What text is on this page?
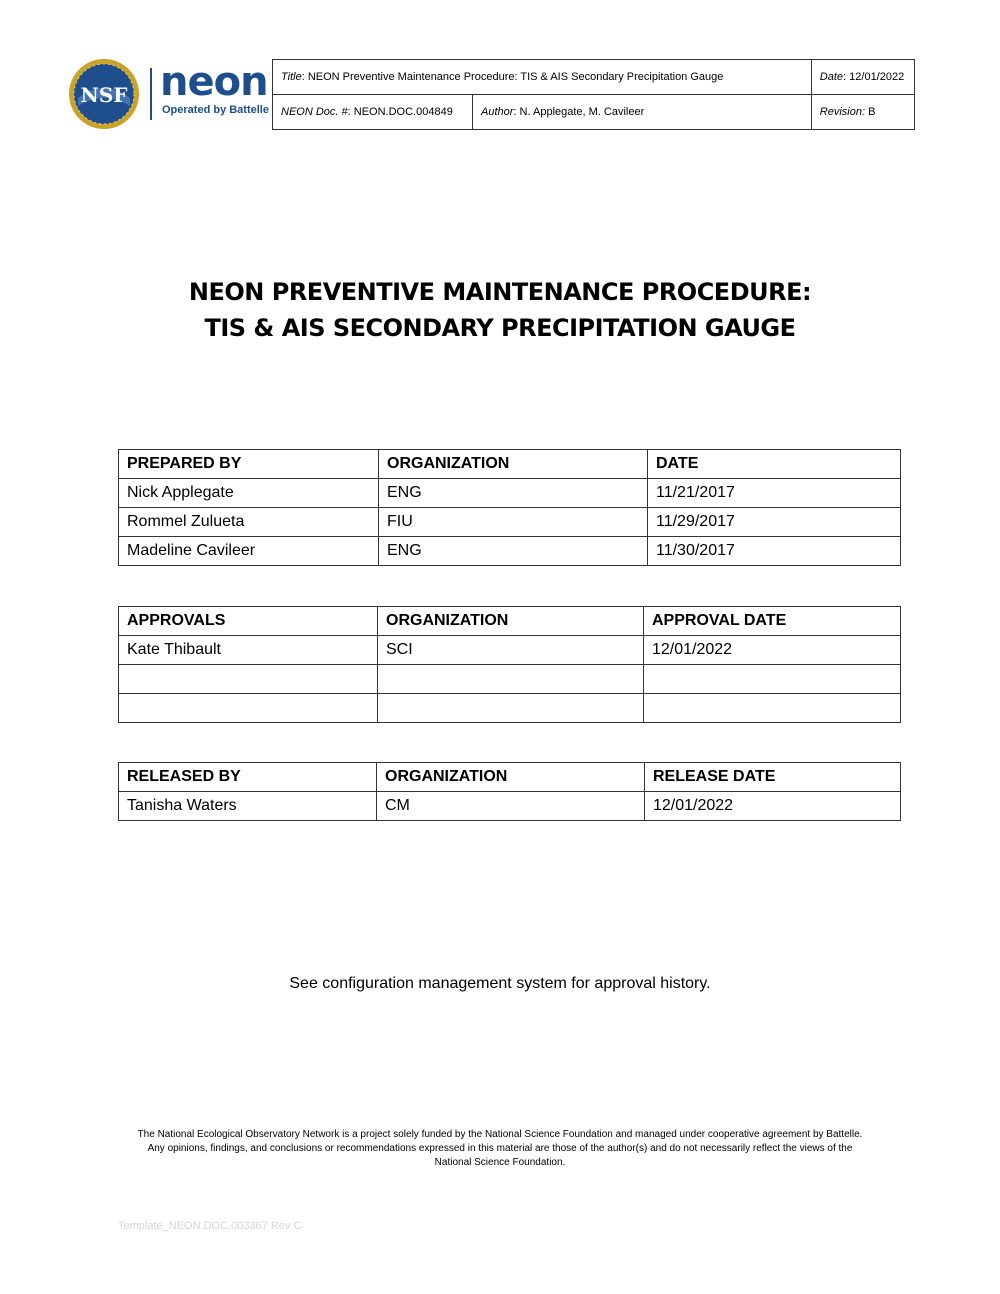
NSF neon
Operated by Battelle
Title: NEON Preventive Maintenance Procedure: TIS & AIS Secondary Precipitation Gauge		Date: 12/01/2022
NEON Doc. #: NEON.DOC.004849	Author: N. Applegate, M. Cavileer	Revision: B
NEON PREVENTIVE MAINTENANCE PROCEDURE:
TIS & AIS SECONDARY PRECIPITATION GAUGE
PREPARED BY	ORGANIZATION	DATE
Nick Applegate	ENG	11/21/2017
Rommel Zulueta	FIU	11/29/2017
Madeline Cavileer	ENG	11/30/2017
APPROVALS	ORGANIZATION	APPROVAL DATE
Kate Thibault	SCI	12/01/2022

RELEASED BY	ORGANIZATION	RELEASE DATE
Tanisha Waters	CM	12/01/2022
See configuration management system for approval history.
The National Ecological Observatory Network is a project solely funded by the National Science Foundation and managed under cooperative agreement by Battelle.
Any opinions, findings, and conclusions or recommendations expressed in this material are those of the author(s) and do not necessarily reflect the views of the
National Science Foundation.
Template_NEON.DOC.003367 Rev C
